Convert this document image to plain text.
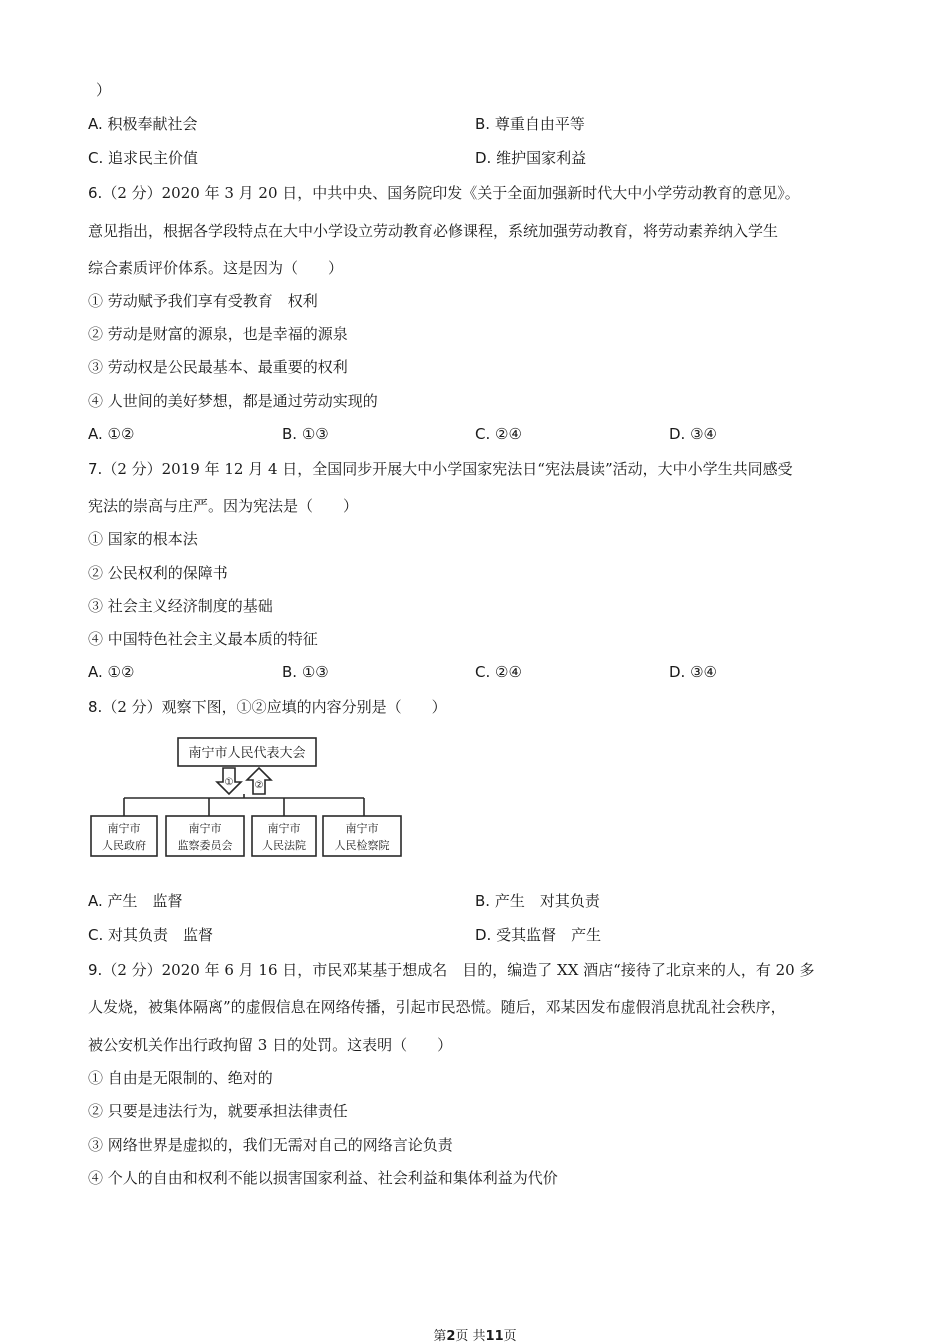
）
A. 积极奉献社会	B. 尊重自由平等
C. 追求民主价值	D. 维护国家利益
6.（2 分）2020 年 3 月 20 日，中共中央、国务院印发《关于全面加强新时代大中小学劳动教育的意见》。
意见指出，根据各学段特点在大中小学设立劳动教育必修课程，系统加强劳动教育，将劳动素养纳入学生
综合素质评价体系。这是因为（　　）
① 劳动赋予我们享有受教育　权利
② 劳动是财富的源泉，也是幸福的源泉
③ 劳动权是公民最基本、最重要的权利
④ 人世间的美好梦想，都是通过劳动实现的
A. ①②	B. ①③	C. ②④	D. ③④
7.（2 分）2019 年 12 月 4 日，全国同步开展大中小学国家宪法日“宪法晨读”活动，大中小学生共同感受
宪法的崇高与庄严。因为宪法是（　　）
① 国家的根本法
② 公民权利的保障书
③ 社会主义经济制度的基础
④ 中国特色社会主义最本质的特征
A. ①②	B. ①③	C. ②④	D. ③④
8.（2 分）观察下图，①②应填的内容分别是（　　）
南宁市人民代表大会
① ②
南宁市
人民政府
南宁市
监察委员会
南宁市
人民法院
南宁市
人民检察院
A. 产生　监督	B. 产生　对其负责
C. 对其负责　监督	D. 受其监督　产生
9.（2 分）2020 年 6 月 16 日，市民邓某基于想成名　目的，编造了 XX 酒店“接待了北京来的人，有 20 多
人发烧，被集体隔离”的虚假信息在网络传播，引起市民恐慌。随后，邓某因发布虚假消息扰乱社会秩序，
被公安机关作出行政拘留 3 日的处罚。这表明（　　）
① 自由是无限制的、绝对的
② 只要是违法行为，就要承担法律责任
③ 网络世界是虚拟的，我们无需对自己的网络言论负责
④ 个人的自由和权利不能以损害国家利益、社会利益和集体利益为代价
第2页 共11页
